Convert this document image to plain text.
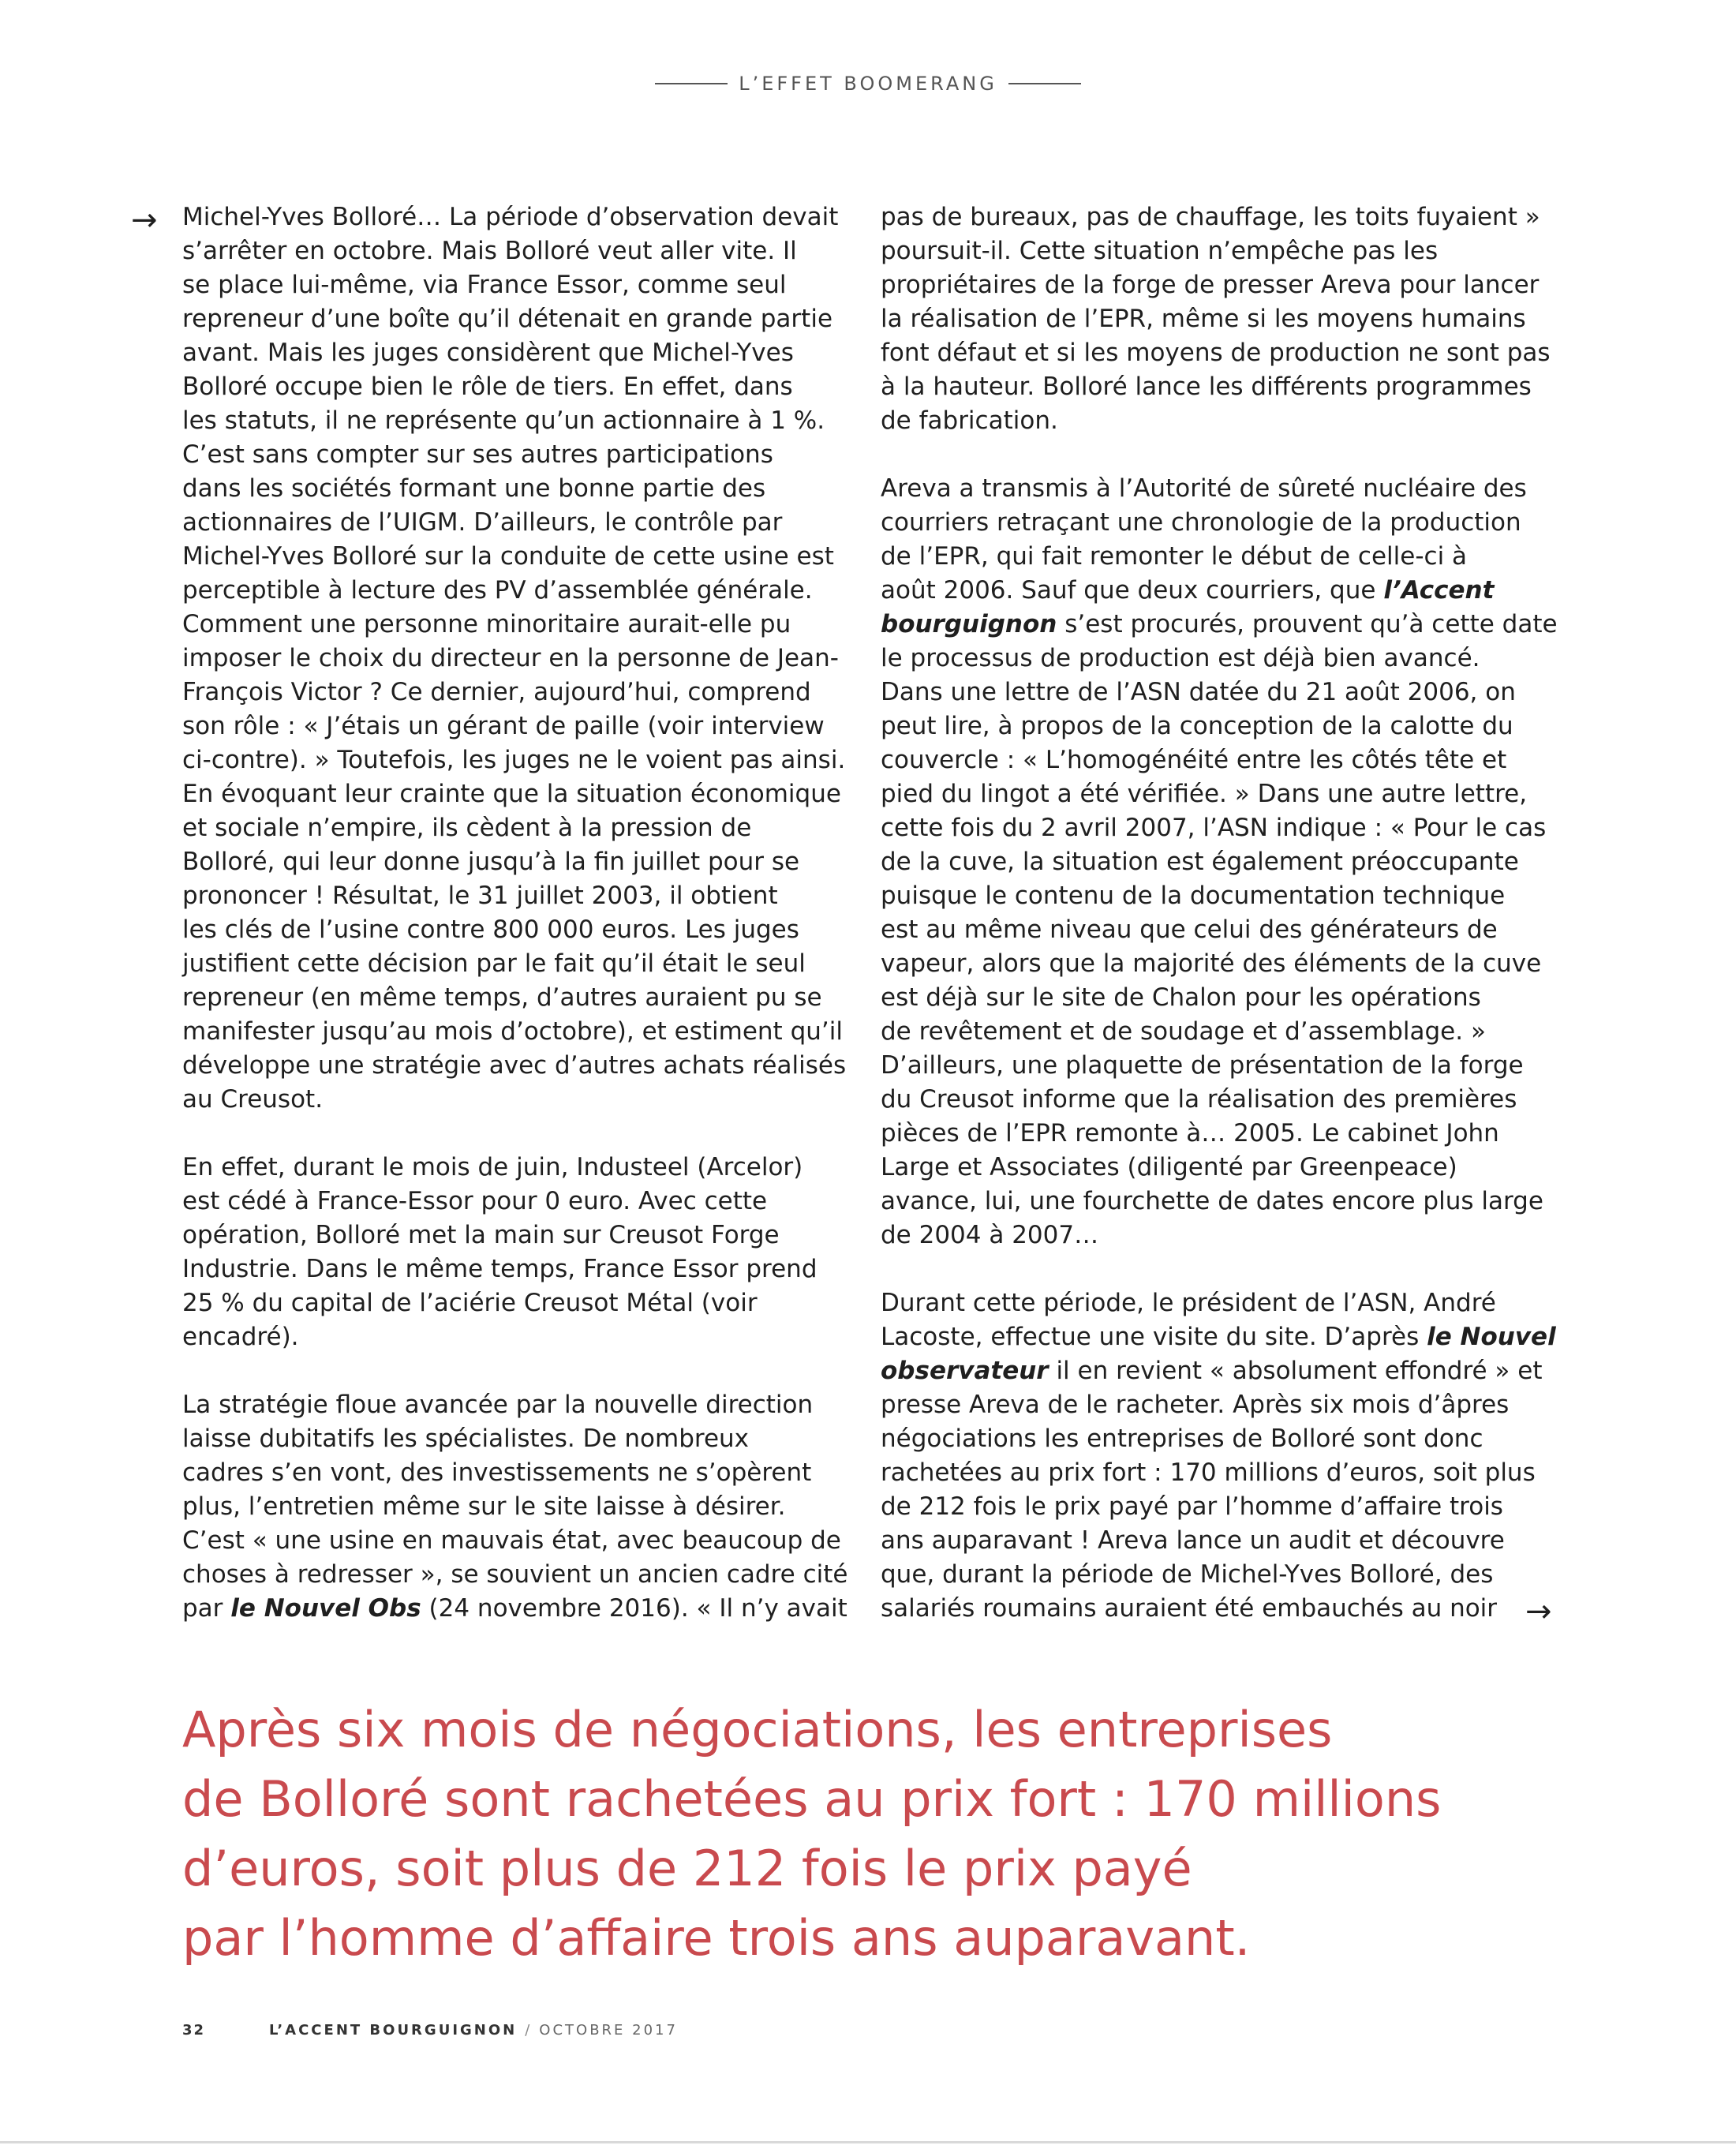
L’EFFET BOOMERANG
→ Michel-Yves Bolloré… La période d’observation devait
s’arrêter en octobre. Mais Bolloré veut aller vite. Il
se place lui-même, via France Essor, comme seul
repreneur d’une boîte qu’il détenait en grande partie
avant. Mais les juges considèrent que Michel-Yves
Bolloré occupe bien le rôle de tiers. En effet, dans
les statuts, il ne représente qu’un actionnaire à 1 %.
C’est sans compter sur ses autres participations
dans les sociétés formant une bonne partie des
actionnaires de l’UIGM. D’ailleurs, le contrôle par
Michel-Yves Bolloré sur la conduite de cette usine est
perceptible à lecture des PV d’assemblée générale.
Comment une personne minoritaire aurait-elle pu
imposer le choix du directeur en la personne de Jean-
François Victor ? Ce dernier, aujourd’hui, comprend
son rôle : « J’étais un gérant de paille (voir interview
ci-contre). » Toutefois, les juges ne le voient pas ainsi.
En évoquant leur crainte que la situation économique
et sociale n’empire, ils cèdent à la pression de
Bolloré, qui leur donne jusqu’à la fin juillet pour se
prononcer ! Résultat, le 31 juillet 2003, il obtient
les clés de l’usine contre 800 000 euros. Les juges
justifient cette décision par le fait qu’il était le seul
repreneur (en même temps, d’autres auraient pu se
manifester jusqu’au mois d’octobre), et estiment qu’il
développe une stratégie avec d’autres achats réalisés
au Creusot.

En effet, durant le mois de juin, Industeel (Arcelor)
est cédé à France-Essor pour 0 euro. Avec cette
opération, Bolloré met la main sur Creusot Forge
Industrie. Dans le même temps, France Essor prend
25 % du capital de l’aciérie Creusot Métal (voir
encadré).

La stratégie floue avancée par la nouvelle direction
laisse dubitatifs les spécialistes. De nombreux
cadres s’en vont, des investissements ne s’opèrent
plus, l’entretien même sur le site laisse à désirer.
C’est « une usine en mauvais état, avec beaucoup de
choses à redresser », se souvient un ancien cadre cité
par le Nouvel Obs (24 novembre 2016). « Il n’y avait

pas de bureaux, pas de chauffage, les toits fuyaient »
poursuit-il. Cette situation n’empêche pas les
propriétaires de la forge de presser Areva pour lancer
la réalisation de l’EPR, même si les moyens humains
font défaut et si les moyens de production ne sont pas
à la hauteur. Bolloré lance les différents programmes
de fabrication.

Areva a transmis à l’Autorité de sûreté nucléaire des
courriers retraçant une chronologie de la production
de l’EPR, qui fait remonter le début de celle-ci à
août 2006. Sauf que deux courriers, que l’Accent
bourguignon s’est procurés, prouvent qu’à cette date
le processus de production est déjà bien avancé.
Dans une lettre de l’ASN datée du 21 août 2006, on
peut lire, à propos de la conception de la calotte du
couvercle : « L’homogénéité entre les côtés tête et
pied du lingot a été vérifiée. » Dans une autre lettre,
cette fois du 2 avril 2007, l’ASN indique : « Pour le cas
de la cuve, la situation est également préoccupante
puisque le contenu de la documentation technique
est au même niveau que celui des générateurs de
vapeur, alors que la majorité des éléments de la cuve
est déjà sur le site de Chalon pour les opérations
de revêtement et de soudage et d’assemblage. »
D’ailleurs, une plaquette de présentation de la forge
du Creusot informe que la réalisation des premières
pièces de l’EPR remonte à… 2005. Le cabinet John
Large et Associates (diligenté par Greenpeace)
avance, lui, une fourchette de dates encore plus large
de 2004 à 2007…

Durant cette période, le président de l’ASN, André
Lacoste, effectue une visite du site. D’après le Nouvel
observateur il en revient « absolument effondré » et
presse Areva de le racheter. Après six mois d’âpres
négociations les entreprises de Bolloré sont donc
rachetées au prix fort : 170 millions d’euros, soit plus
de 212 fois le prix payé par l’homme d’affaire trois
ans auparavant ! Areva lance un audit et découvre
que, durant la période de Michel-Yves Bolloré, des
salariés roumains auraient été embauchés au noir →
Après six mois de négociations, les entreprises
de Bolloré sont rachetées au prix fort : 170 millions
d’euros, soit plus de 212 fois le prix payé
par l’homme d’affaire trois ans auparavant.
32	L’ACCENT BOURGUIGNON / OCTOBRE 2017
